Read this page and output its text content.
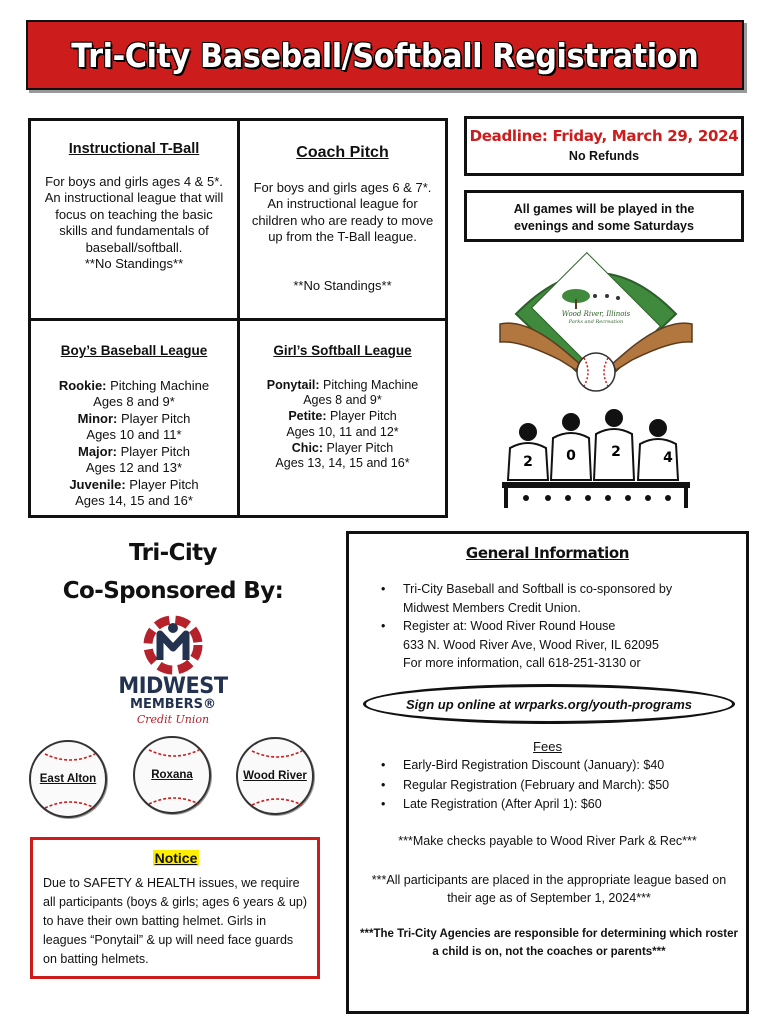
Tri-City Baseball/Softball Registration
Instructional T-Ball

For boys and girls ages 4 & 5*.

An instructional league that will

focus on teaching the basic

skills and fundamentals of

baseball/softball.

**No Standings**

Coach Pitch

For boys and girls ages 6 & 7*.

An instructional league for

children who are ready to move

up from the T-Ball league.

**No Standings**

Boy’s Baseball League

Rookie: Pitching Machine

Ages 8 and 9*

Minor: Player Pitch

Ages 10 and 11*

Major: Player Pitch

Ages 12 and 13*

Juvenile: Player Pitch

Ages 14, 15 and 16*

Girl’s Softball League

Ponytail: Pitching Machine

Ages 8 and 9*

Petite: Player Pitch

Ages 10, 11 and 12*

Chic: Player Pitch

Ages 13, 14, 15 and 16*

Deadline: Friday, March 29, 2024
No Refunds
All games will be played in the
evenings and some Saturdays
Wood River, Illinois
Parks and Recreation
2 0	2	4
Tri-City
Co-Sponsored By:
MIDWEST
MEMBERS®
Credit Union
East Alton	Roxana	Wood River
Notice
Due to SAFETY & HEALTH issues, we require all participants (boys & girls; ages 6 years & up) to have their own batting helmet. Girls in leagues “Ponytail” & up will need face guards on batting helmets.
General Information
• Tri-City Baseball and Softball is co-sponsored by
Midwest Members Credit Union.
• Register at: Wood River Round House
633 N. Wood River Ave, Wood River, IL 62095
For more information, call 618-251-3130 or
Sign up online at wrparks.org/youth-programs
Fees
• Early-Bird Registration Discount (January): $40
• Regular Registration (February and March): $50
• Late Registration (After April 1): $60
***Make checks payable to Wood River Park & Rec***
***All participants are placed in the appropriate league based on their age as of September 1, 2024***
***The Tri-City Agencies are responsible for determining which roster a child is on, not the coaches or parents***
